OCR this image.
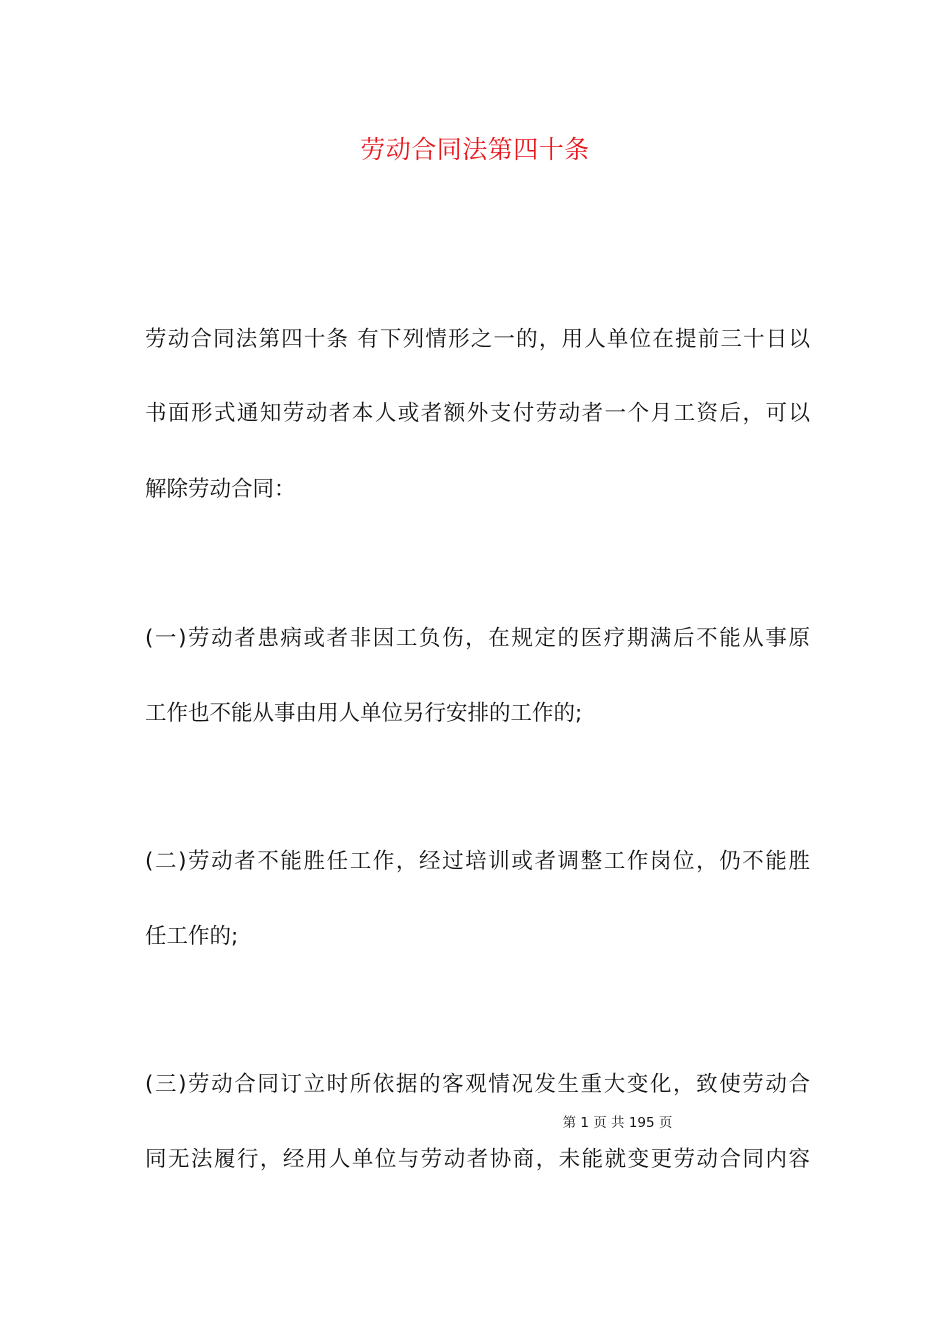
劳动合同法第四十条
劳动合同法第四十条 有下列情形之一的，用人单位在提前三十日以
书面形式通知劳动者本人或者额外支付劳动者一个月工资后，可以
解除劳动合同：
(一)劳动者患病或者非因工负伤，在规定的医疗期满后不能从事原
工作也不能从事由用人单位另行安排的工作的;
(二)劳动者不能胜任工作，经过培训或者调整工作岗位，仍不能胜
任工作的;
(三)劳动合同订立时所依据的客观情况发生重大变化，致使劳动合
同无法履行，经用人单位与劳动者协商，未能就变更劳动合同内容
第 1 页 共 195 页
